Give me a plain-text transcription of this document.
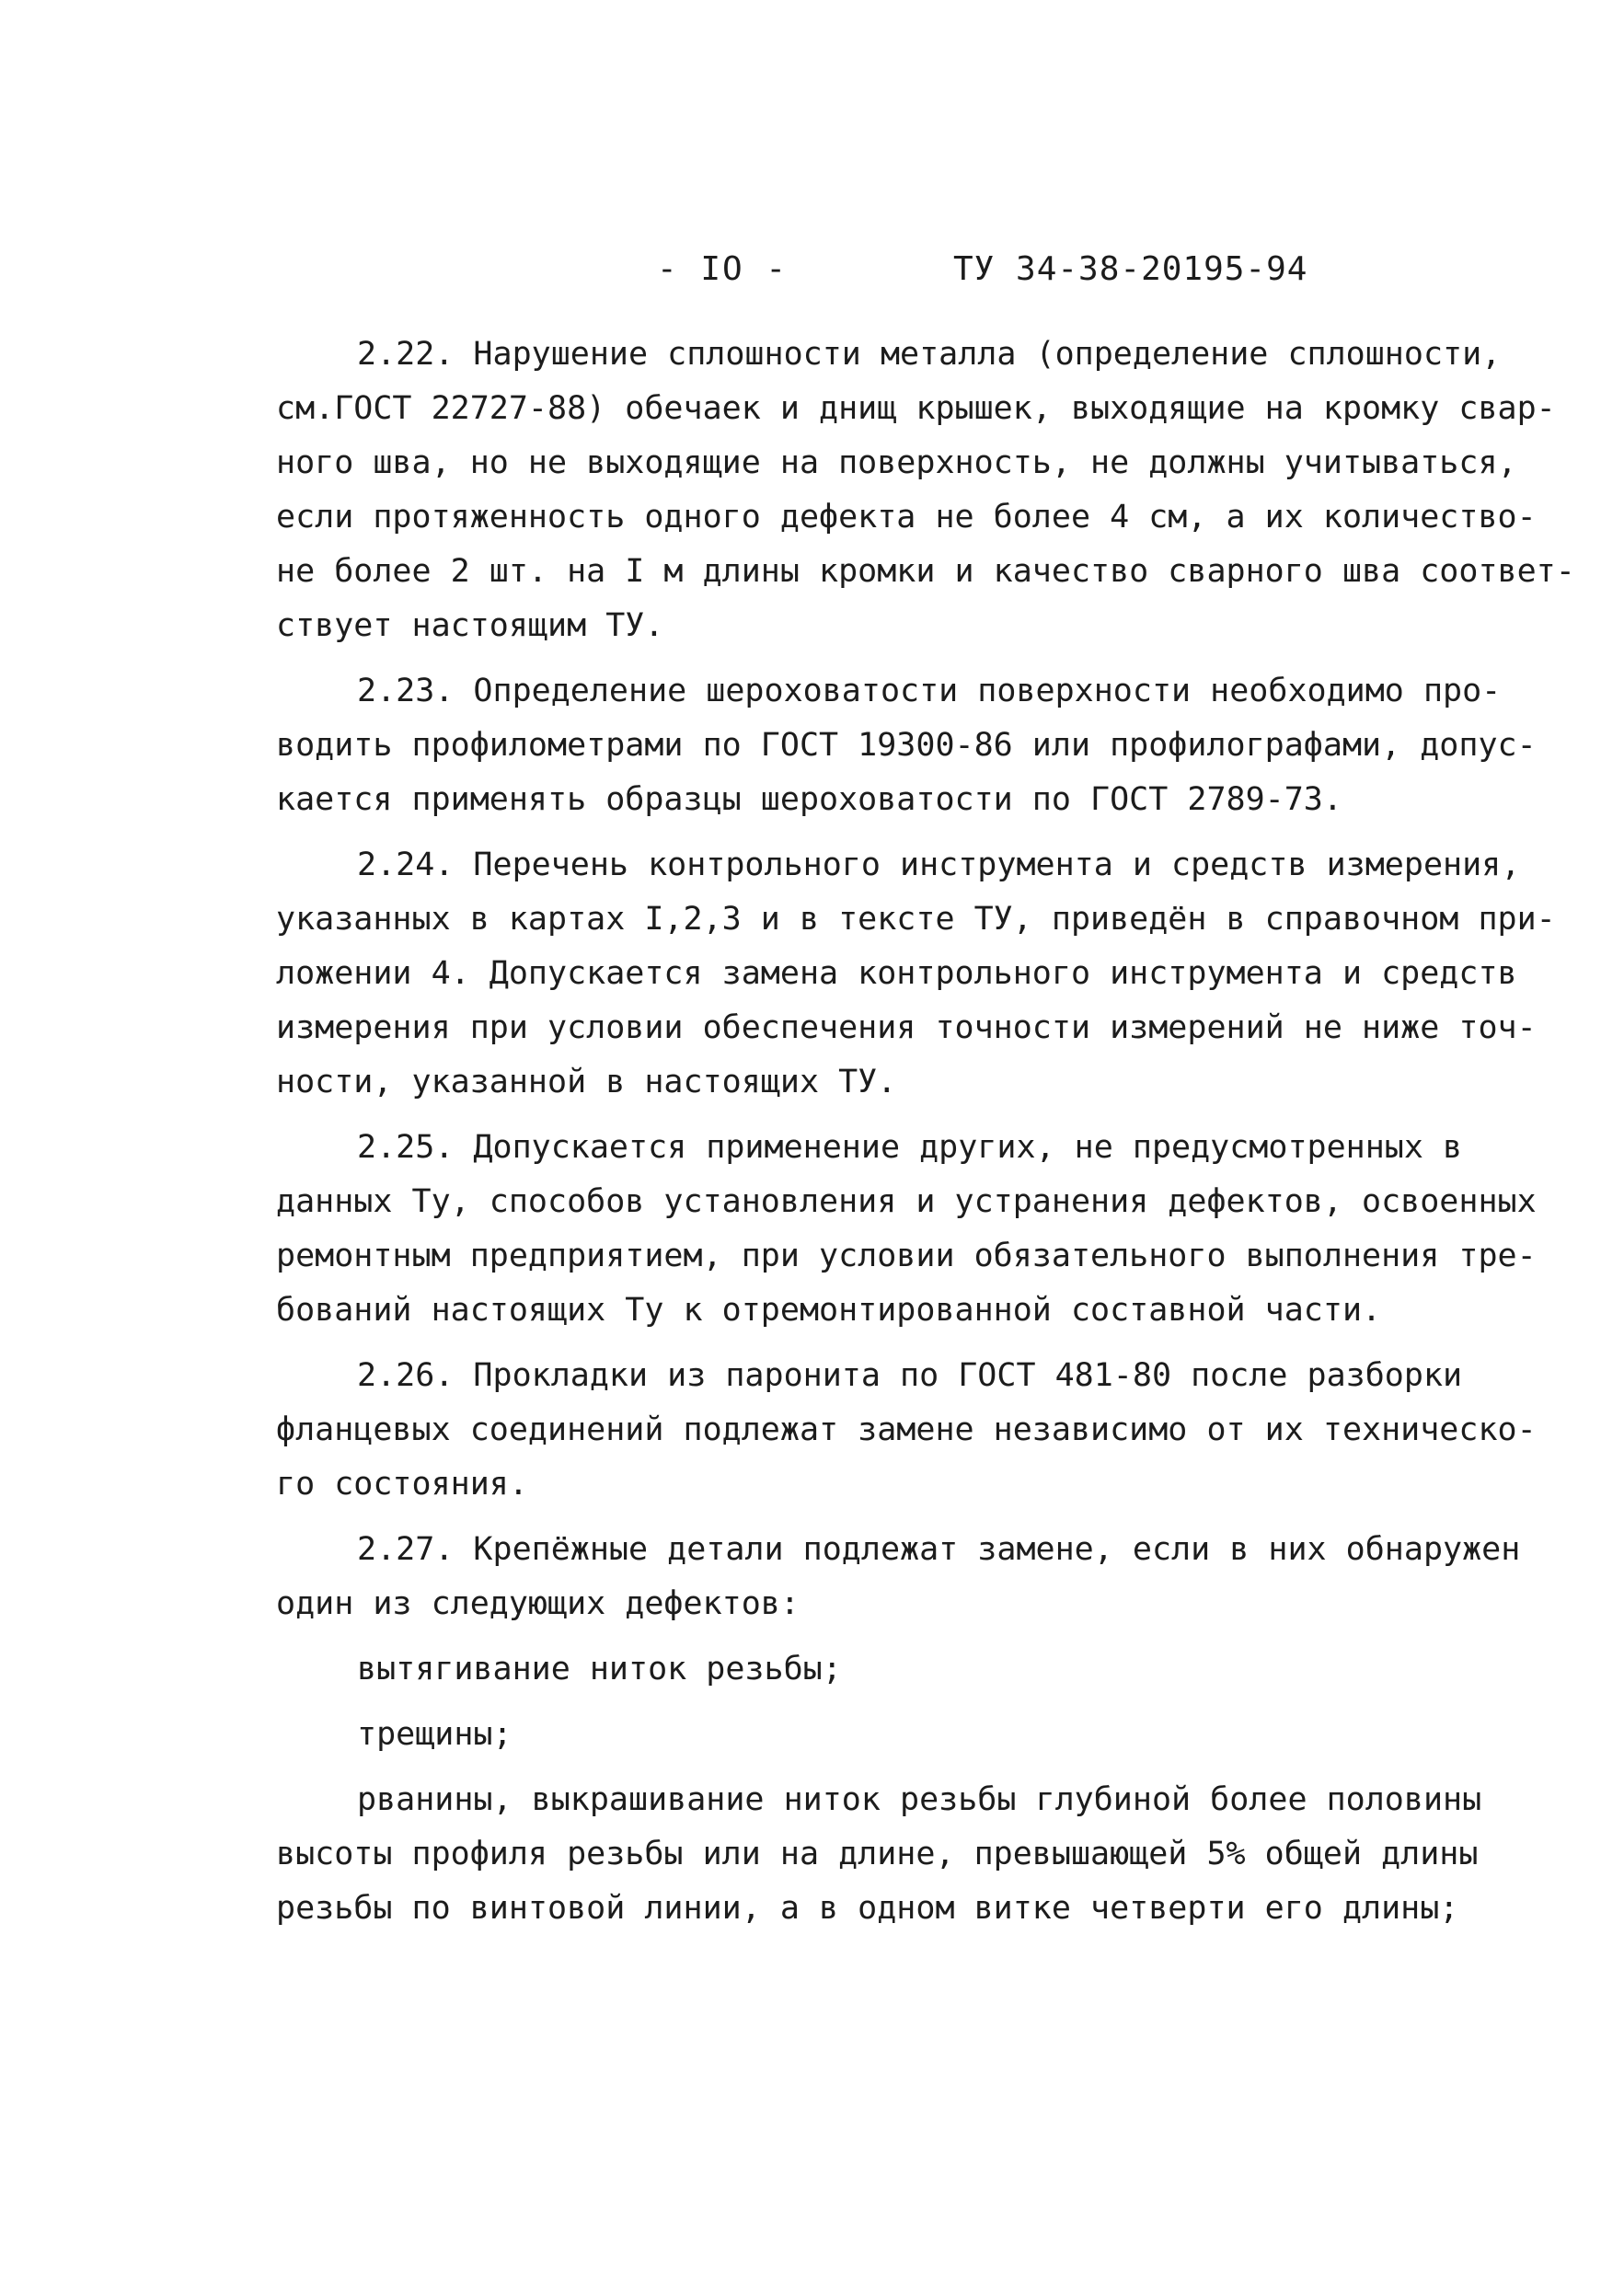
- IO -	ТУ 34-38-20195-94
2.22. Нарушение сплошности металла (определение сплошности,
см.ГОСТ 22727-88) обечаек и днищ крышек, выходящие на кромку свар-
ного шва, но не выходящие на поверхность, не должны учитываться,
если протяженность одного дефекта не более 4 см, а их количество-
не более 2 шт. на I м длины кромки и качество сварного шва соответ-
ствует настоящим ТУ.
2.23. Определение шероховатости поверхности необходимо про-
водить профилометрами по ГОСТ 19300-86 или профилографами, допус-
кается применять образцы шероховатости по ГОСТ 2789-73.
2.24. Перечень контрольного инструмента и средств измерения,
указанных в картах I,2,3 и в тексте ТУ, приведён в справочном при-
ложении 4. Допускается замена контрольного инструмента и средств
измерения при условии обеспечения точности измерений не ниже точ-
ности, указанной в настоящих ТУ.
2.25. Допускается применение других, не предусмотренных в
данных Ту, способов установления и устранения дефектов, освоенных
ремонтным предприятием, при условии обязательного выполнения тре-
бований настоящих Ту к отремонтированной составной части.
2.26. Прокладки из паронита по ГОСТ 481-80 после разборки
фланцевых соединений подлежат замене независимо от их техническо-
го состояния.
2.27. Крепёжные детали подлежат замене, если в них обнаружен
один из следующих дефектов:
вытягивание ниток резьбы;
трещины;
рванины, выкрашивание ниток резьбы глубиной более половины
высоты профиля резьбы или на длине, превышающей 5% общей длины
резьбы по винтовой линии, а в одном витке четверти его длины;
